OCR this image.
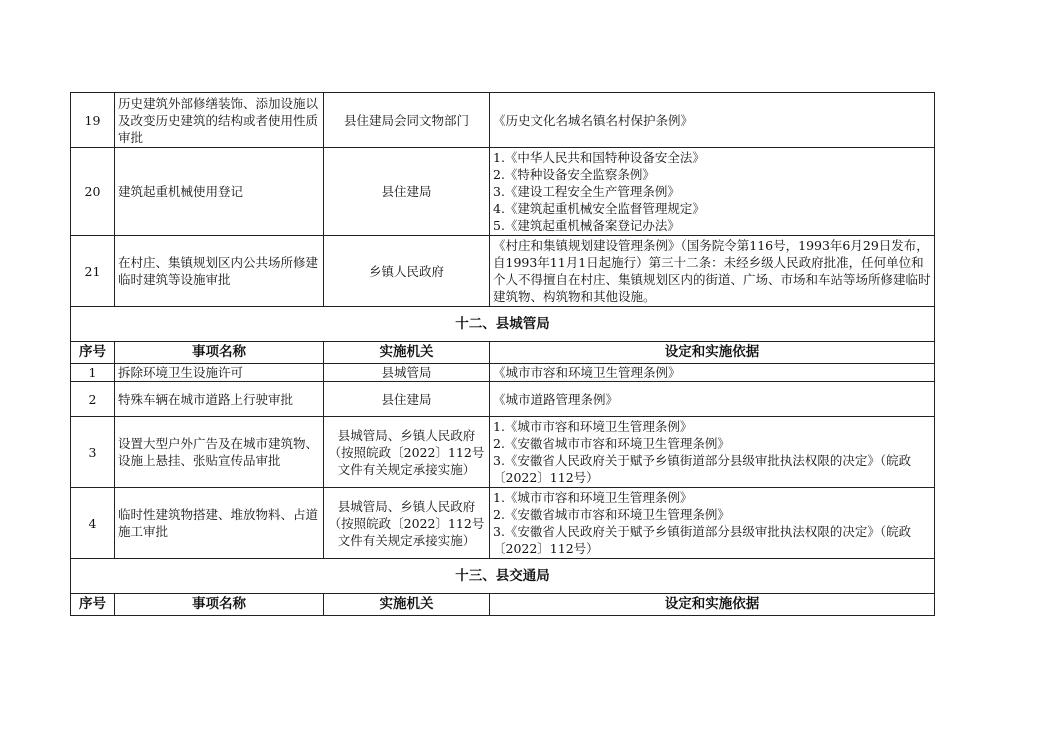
19	历史建筑外部修缮装饰、添加设施以及改变历史建筑的结构或者使用性质审批	县住建局会同文物部门	《历史文化名城名镇名村保护条例》

20	建筑起重机械使用登记	县住建局	1.《中华人民共和国特种设备安全法》
2.《特种设备安全监察条例》
3.《建设工程安全生产管理条例》
4.《建筑起重机械安全监督管理规定》
5.《建筑起重机械备案登记办法》

21	在村庄、集镇规划区内公共场所修建临时建筑等设施审批	乡镇人民政府	《村庄和集镇规划建设管理条例》（国务院令第116号，1993年6月29日发布，自1993年11月1日起施行）第三十二条：未经乡级人民政府批准，任何单位和个人不得擅自在村庄、集镇规划区内的街道、广场、市场和车站等场所修建临时建筑物、构筑物和其他设施。

十二、县城管局			
序号	事项名称	实施机关	设定和实施依据
1	拆除环境卫生设施许可	县城管局	《城市市容和环境卫生管理条例》

2	特殊车辆在城市道路上行驶审批	县住建局	《城市道路管理条例》

3	设置大型户外广告及在城市建筑物、设施上悬挂、张贴宣传品审批	县城管局、乡镇人民政府（按照皖政〔2022〕112号文件有关规定承接实施）	1.《城市市容和环境卫生管理条例》
2.《安徽省城市市容和环境卫生管理条例》
3.《安徽省人民政府关于赋予乡镇街道部分县级审批执法权限的决定》（皖政〔2022〕112号）

4	临时性建筑物搭建、堆放物料、占道施工审批	县城管局、乡镇人民政府（按照皖政〔2022〕112号文件有关规定承接实施）	1.《城市市容和环境卫生管理条例》
2.《安徽省城市市容和环境卫生管理条例》
3.《安徽省人民政府关于赋予乡镇街道部分县级审批执法权限的决定》（皖政〔2022〕112号）

十三、县交通局			
序号	事项名称	实施机关	设定和实施依据
